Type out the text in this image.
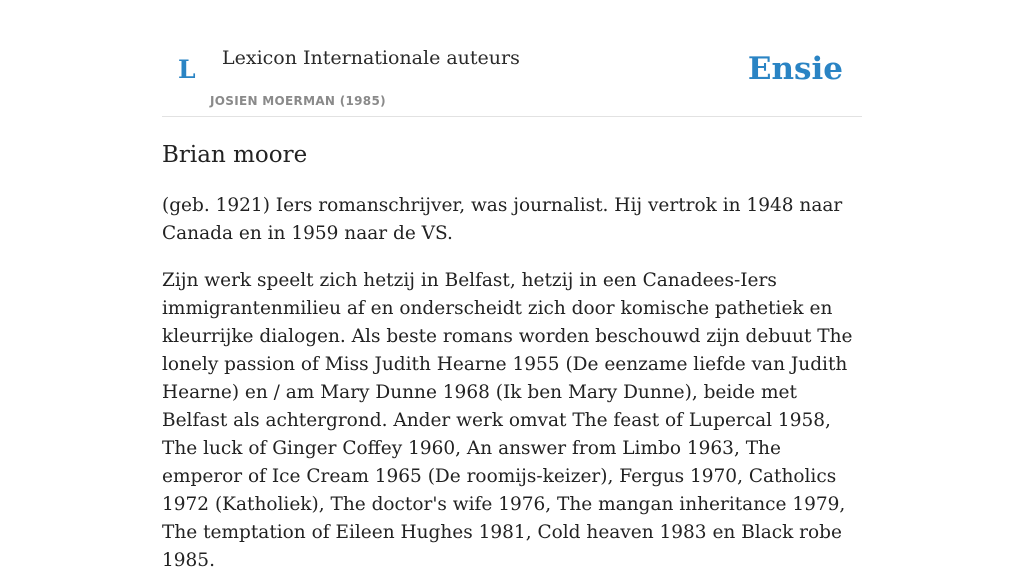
L Lexicon Internationale auteurs
JOSIEN MOERMAN (1985)
Ensie
Brian moore

(geb. 1921) Iers romanschrijver, was journalist. Hij vertrok in 1948 naar Canada en in 1959 naar de VS.

Zijn werk speelt zich hetzij in Belfast, hetzij in een Canadees-Iers immigrantenmilieu af en onderscheidt zich door komische pathetiek en kleurrijke dialogen. Als beste romans worden beschouwd zijn debuut The lonely passion of Miss Judith Hearne 1955 (De eenzame liefde van Judith Hearne) en / am Mary Dunne 1968 (Ik ben Mary Dunne), beide met Belfast als achtergrond. Ander werk omvat The feast of Lupercal 1958, The luck of Ginger Coffey 1960, An answer from Limbo 1963, The emperor of Ice Cream 1965 (De roomijs-keizer), Fergus 1970, Catholics 1972 (Katholiek), The doctor's wife 1976, The mangan inheritance 1979, The temptation of Eileen Hughes 1981, Cold heaven 1983 en Black robe 1985.
